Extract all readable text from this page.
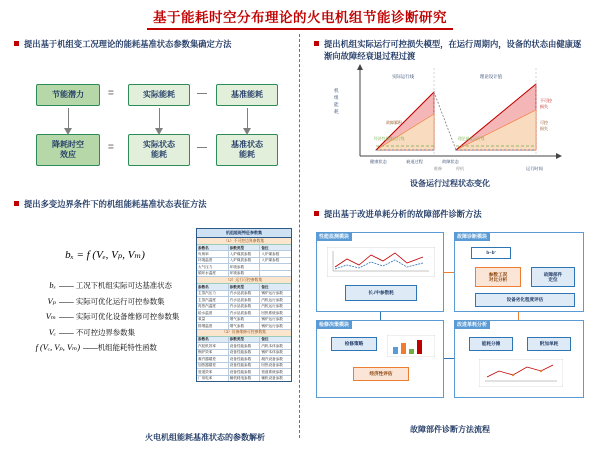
基于能耗时空分布理论的火电机组节能诊断研究
提出基于机组变工况理论的能耗基准状态参数集确定方法
节能潜力	实际能耗	基准能耗
降耗时空
效应
实际状态
能耗
基准状态
能耗
=	—
=	—
提出多变边界条件下的机组能耗基准状态表征方法
bₓ = f (Vₑ, Vₚ, Vₘ)
bₓ —— 工况下机组实际可达基准状态
Vₚ —— 实际可优化运行可控参数集
Vₘ —— 实际可优化设备维修可控参数集
Vₑ —— 不可控边界参数集
f (Vₑ, Vₚ, Vₘ) ——机组能耗特性函数
机组能耗特征参数集
（1）不可控边界参数集
参数名	参数类型	备注
负荷率	入炉煤质参数	入炉煤参数
环境温度	入炉煤质参数	入炉煤参数
大气压力	环境参数
循环水温度	环境参数
（2）运行可控参数集
参数名	参数类型	备注
主蒸汽压力	汽水品质参数	锅炉运行参数
主蒸汽温度	汽水品质参数	汽机运行参数
再热汽温度	汽水品质参数	汽机运行参数
给水温度	汽水品质参数	回热系统参数
氧量	烟气参数	锅炉运行参数
排烟温度	烟气参数	锅炉运行参数
（3）设备维修可控参数集
参数名	参数类型	备注
汽轮机效率	设备性能参数	汽机本体参数
锅炉效率	设备性能参数	锅炉本体参数
凝汽器端差	设备性能参数	凝汽设备参数
加热器端差	设备性能参数	回热设备参数
管道效率	设备性能参数	管道系统参数
厂用电率	辅机耗电参数	辅机设备参数
火电机组能耗基准状态的参数解析
提出机组实际运行可控损失模型，在运行周期内，设备的状态由健康逐渐向故障经衰退过程过渡
机
组
能
耗
实际运行线	理论设计值
不可控
损失
可控
损失
故障累积
经济性最优运行线	理论最优运行线
健康状态	衰退过程	故障状态
运行时间
维修	停机
设备运行过程状态变化
提出基于改进单耗分析的故障部件诊断方法
性能监测模块
长./中参数耗
故障诊断模块
b–b′
参数工况
对比分析
故障部件
定位
设备劣化程度评估
检修决策模块
检修策略
经济性评估
改进单耗分析
能耗分摊	附加单耗
故障部件诊断方法流程
